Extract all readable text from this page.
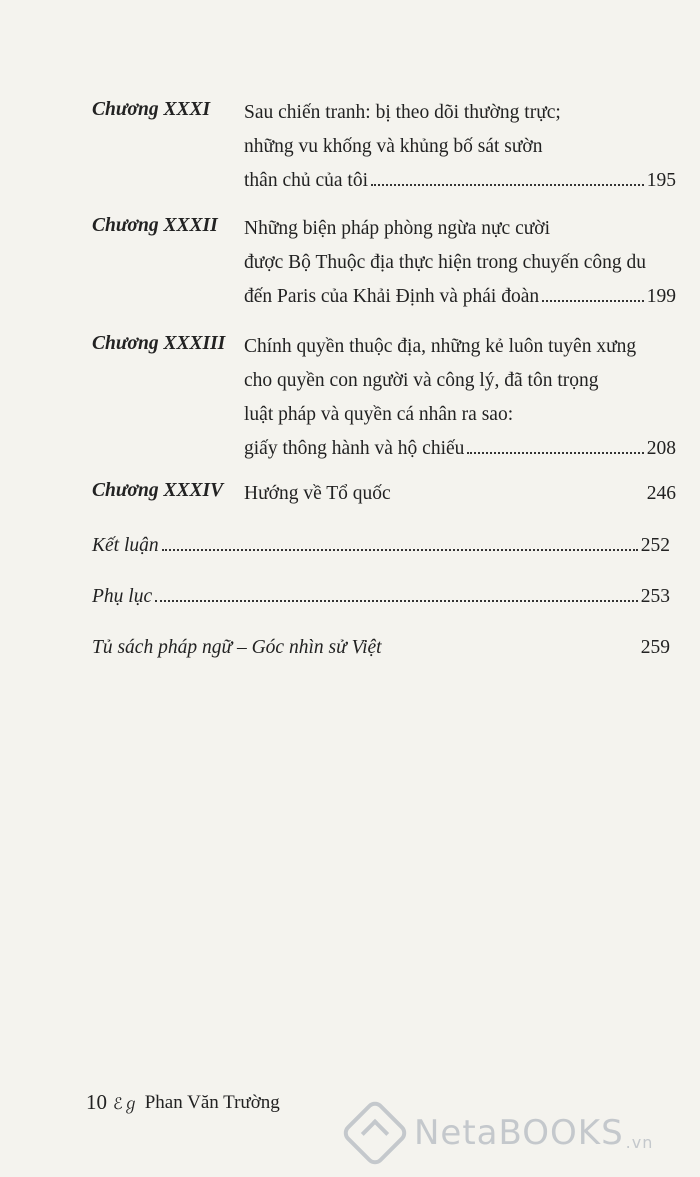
Chương XXXI Sau chiến tranh: bị theo dõi thường trực;
những vu khống và khủng bố sát sườn
thân chủ của tôi	195
Chương XXXII Những biện pháp phòng ngừa nực cười
được Bộ Thuộc địa thực hiện trong chuyến công du
đến Paris của Khải Định và phái đoàn	199
Chương XXXIII Chính quyền thuộc địa, những kẻ luôn tuyên xưng
cho quyền con người và công lý, đã tôn trọng
luật pháp và quyền cá nhân ra sao:
giấy thông hành và hộ chiếu	208
Chương XXXIV Hướng về Tổ quốc	246
Kết luận	252
Phụ lục	253
Tủ sách pháp ngữ – Góc nhìn sử Việt	259
10 ℰℊ Phan Văn Trường
NetaBOOKS .vn
